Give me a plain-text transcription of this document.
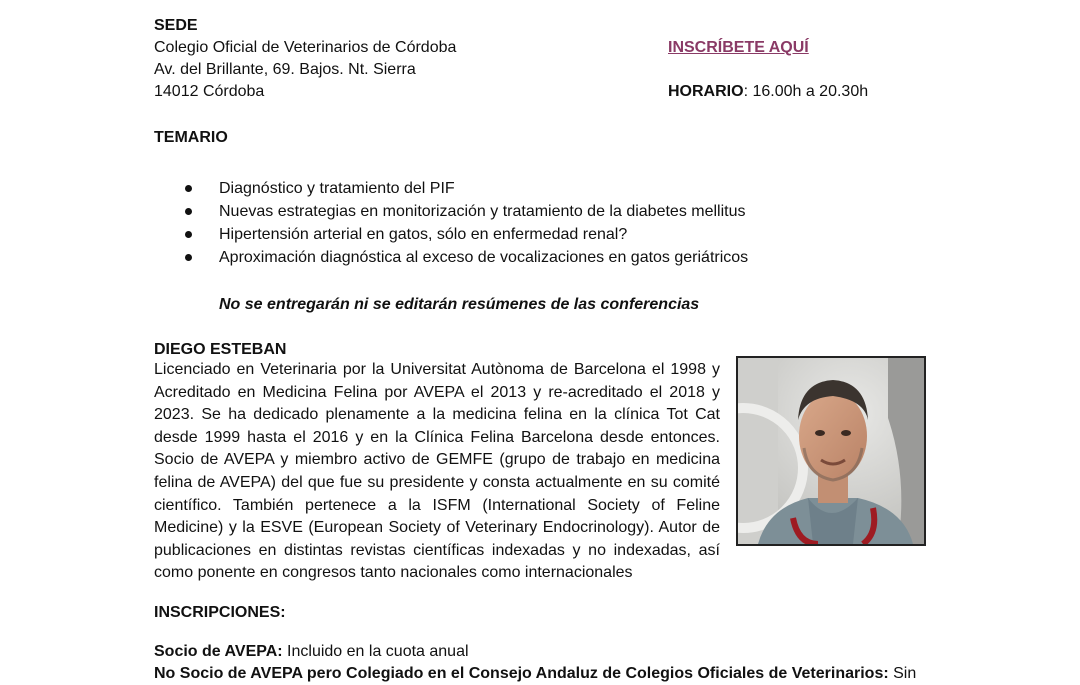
SEDE
Colegio Oficial de Veterinarios de Córdoba
Av. del Brillante, 69. Bajos. Nt. Sierra
14012 Córdoba
INSCRÍBETE AQUÍ
HORARIO: 16.00h a 20.30h
TEMARIO
Diagnóstico y tratamiento del PIF
Nuevas estrategias en monitorización y tratamiento de la diabetes mellitus
Hipertensión arterial en gatos, sólo en enfermedad renal?
Aproximación diagnóstica al exceso de vocalizaciones en gatos geriátricos
No se entregarán ni se editarán resúmenes de las conferencias
DIEGO ESTEBAN
Licenciado en Veterinaria por la Universitat Autònoma de Barcelona el 1998 y Acreditado en Medicina Felina por AVEPA el 2013 y re-acreditado el 2018 y 2023. Se ha dedicado plenamente a la medicina felina en la clínica Tot Cat desde 1999 hasta el 2016 y en la Clínica Felina Barcelona desde entonces. Socio de AVEPA y miembro activo de GEMFE (grupo de trabajo en medicina felina de AVEPA) del que fue su presidente y consta actualmente en su comité científico. También pertenece a la ISFM (International Society of Feline Medicine) y la ESVE (European Society of Veterinary Endocrinology). Autor de publicaciones en distintas revistas científicas indexadas y no indexadas, así como ponente en congresos tanto nacionales como internacionales
INSCRIPCIONES:
Socio de AVEPA: Incluido en la cuota anual
No Socio de AVEPA pero Colegiado en el Consejo Andaluz de Colegios Oficiales de Veterinarios: Sin
